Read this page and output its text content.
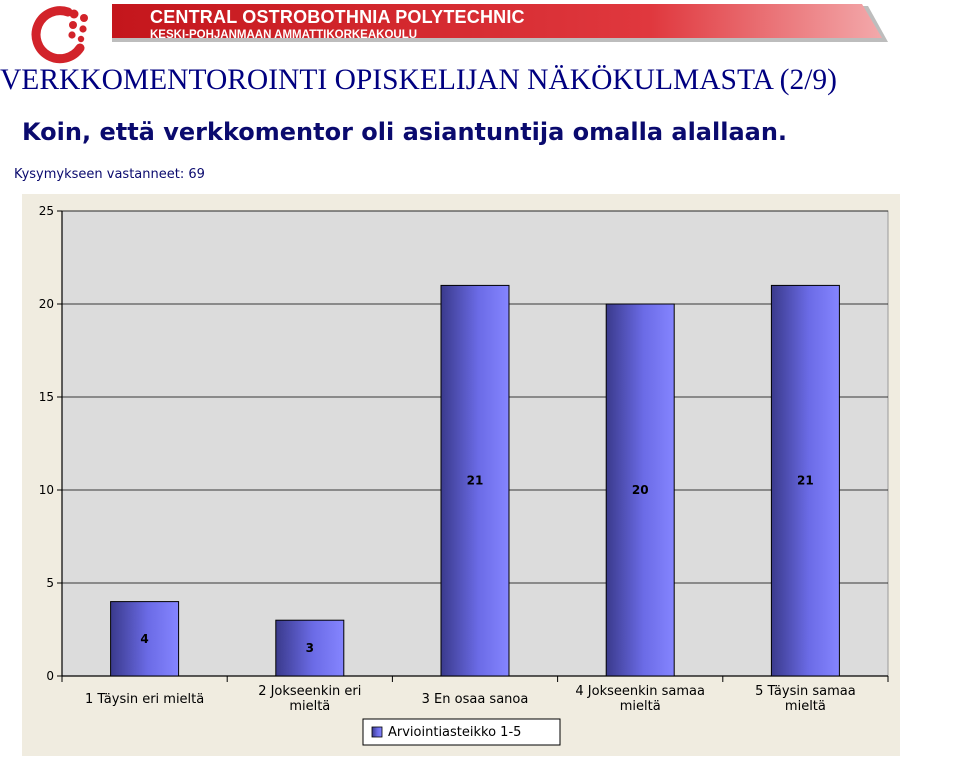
CENTRAL OSTROBOTHNIA POLYTECHNIC
KESKI-POHJANMAAN AMMATTIKORKEAKOULU
VERKKOMENTOROINTI OPISKELIJAN NÄKÖKULMASTA (2/9)
Koin, että verkkomentor oli asiantuntija omalla alallaan.
Kysymykseen vastanneet: 69
0
5
10
15
20
25
4
3
21
20
21
1 Täysin eri mieltä
2 Jokseenkin eri
mieltä	3 En osaa sanoa
4 Jokseenkin samaa
mieltä
5 Täysin samaa
mieltä
Arviointiasteikko 1-5
